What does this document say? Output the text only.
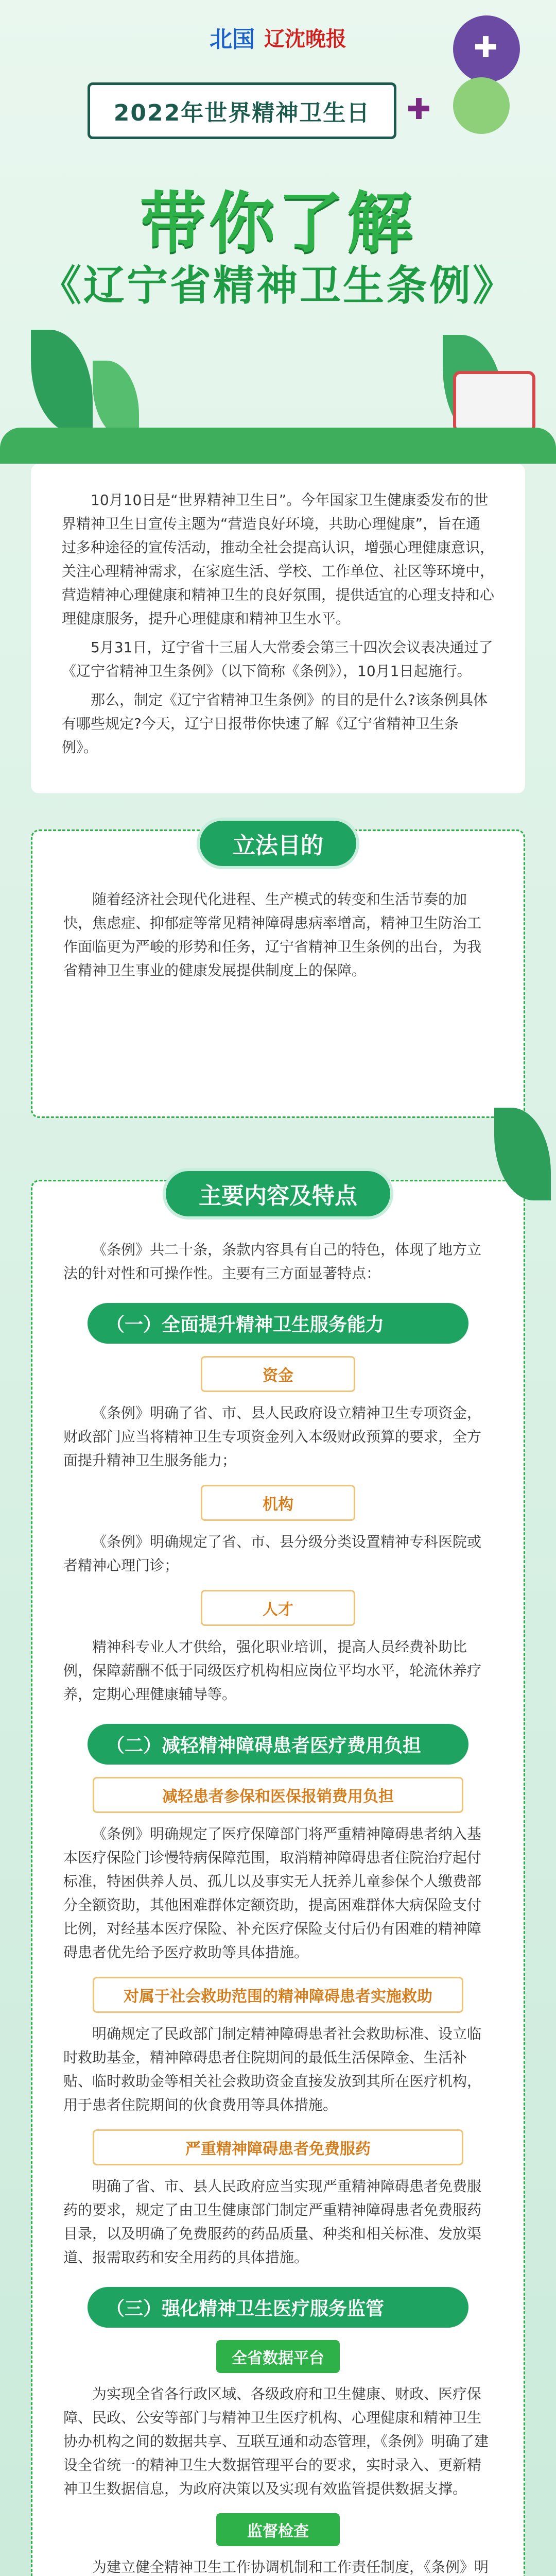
北国 辽沈晚报
✚
✚
2022年世界精神卫生日
带你了解
《辽宁省精神卫生条例》

10月10日是“世界精神卫生日”。今年国家卫生健康委发布的世界精神卫生日宣传主题为“营造良好环境，共助心理健康”，旨在通过多种途径的宣传活动，推动全社会提高认识，增强心理健康意识，关注心理精神需求，在家庭生活、学校、工作单位、社区等环境中，营造精神心理健康和精神卫生的良好氛围，提供适宜的心理支持和心理健康服务，提升心理健康和精神卫生水平。

5月31日，辽宁省十三届人大常委会第三十四次会议表决通过了《辽宁省精神卫生条例》（以下简称《条例》），10月1日起施行。

那么，制定《辽宁省精神卫生条例》的目的是什么?该条例具体有哪些规定?今天，辽宁日报带你快速了解《辽宁省精神卫生条例》。

立法目的

随着经济社会现代化进程、生产模式的转变和生活节奏的加快，焦虑症、抑郁症等常见精神障碍患病率增高，精神卫生防治工作面临更为严峻的形势和任务，辽宁省精神卫生条例的出台，为我省精神卫生事业的健康发展提供制度上的保障。

主要内容及特点

《条例》共二十条，条款内容具有自己的特色，体现了地方立法的针对性和可操作性。主要有三方面显著特点：

（一）全面提升精神卫生服务能力
资金

《条例》明确了省、市、县人民政府设立精神卫生专项资金，财政部门应当将精神卫生专项资金列入本级财政预算的要求，全方面提升精神卫生服务能力；

机构

《条例》明确规定了省、市、县分级分类设置精神专科医院或者精神心理门诊；

人才

精神科专业人才供给，强化职业培训，提高人员经费补助比例，保障薪酬不低于同级医疗机构相应岗位平均水平，轮流休养疗养，定期心理健康辅导等。

（二）减轻精神障碍患者医疗费用负担
减轻患者参保和医保报销费用负担

《条例》明确规定了医疗保障部门将严重精神障碍患者纳入基本医疗保险门诊慢特病保障范围，取消精神障碍患者住院治疗起付标准，特困供养人员、孤儿以及事实无人抚养儿童参保个人缴费部分全额资助，其他困难群体定额资助，提高困难群体大病保险支付比例，对经基本医疗保险、补充医疗保险支付后仍有困难的精神障碍患者优先给予医疗救助等具体措施。

对属于社会救助范围的精神障碍患者实施救助

明确规定了民政部门制定精神障碍患者社会救助标准、设立临时救助基金，精神障碍患者住院期间的最低生活保障金、生活补贴、临时救助金等相关社会救助资金直接发放到其所在医疗机构，用于患者住院期间的伙食费用等具体措施。

严重精神障碍患者免费服药

明确了省、市、县人民政府应当实现严重精神障碍患者免费服药的要求，规定了由卫生健康部门制定严重精神障碍患者免费服药目录，以及明确了免费服药的药品质量、种类和相关标准、发放渠道、报需取药和安全用药的具体措施。

（三）强化精神卫生医疗服务监管
全省数据平台

为实现全省各行政区域、各级政府和卫生健康、财政、医疗保障、民政、公安等部门与精神卫生医疗机构、心理健康和精神卫生协办机构之间的数据共享、互联互通和动态管理，《条例》明确了建设全省统一的精神卫生大数据管理平台的要求，实时录入、更新精神卫生数据信息，为政府决策以及实现有效监管提供数据支撑。

监督检查

为建立健全精神卫生工作协调机制和工作责任制度，《条例》明
